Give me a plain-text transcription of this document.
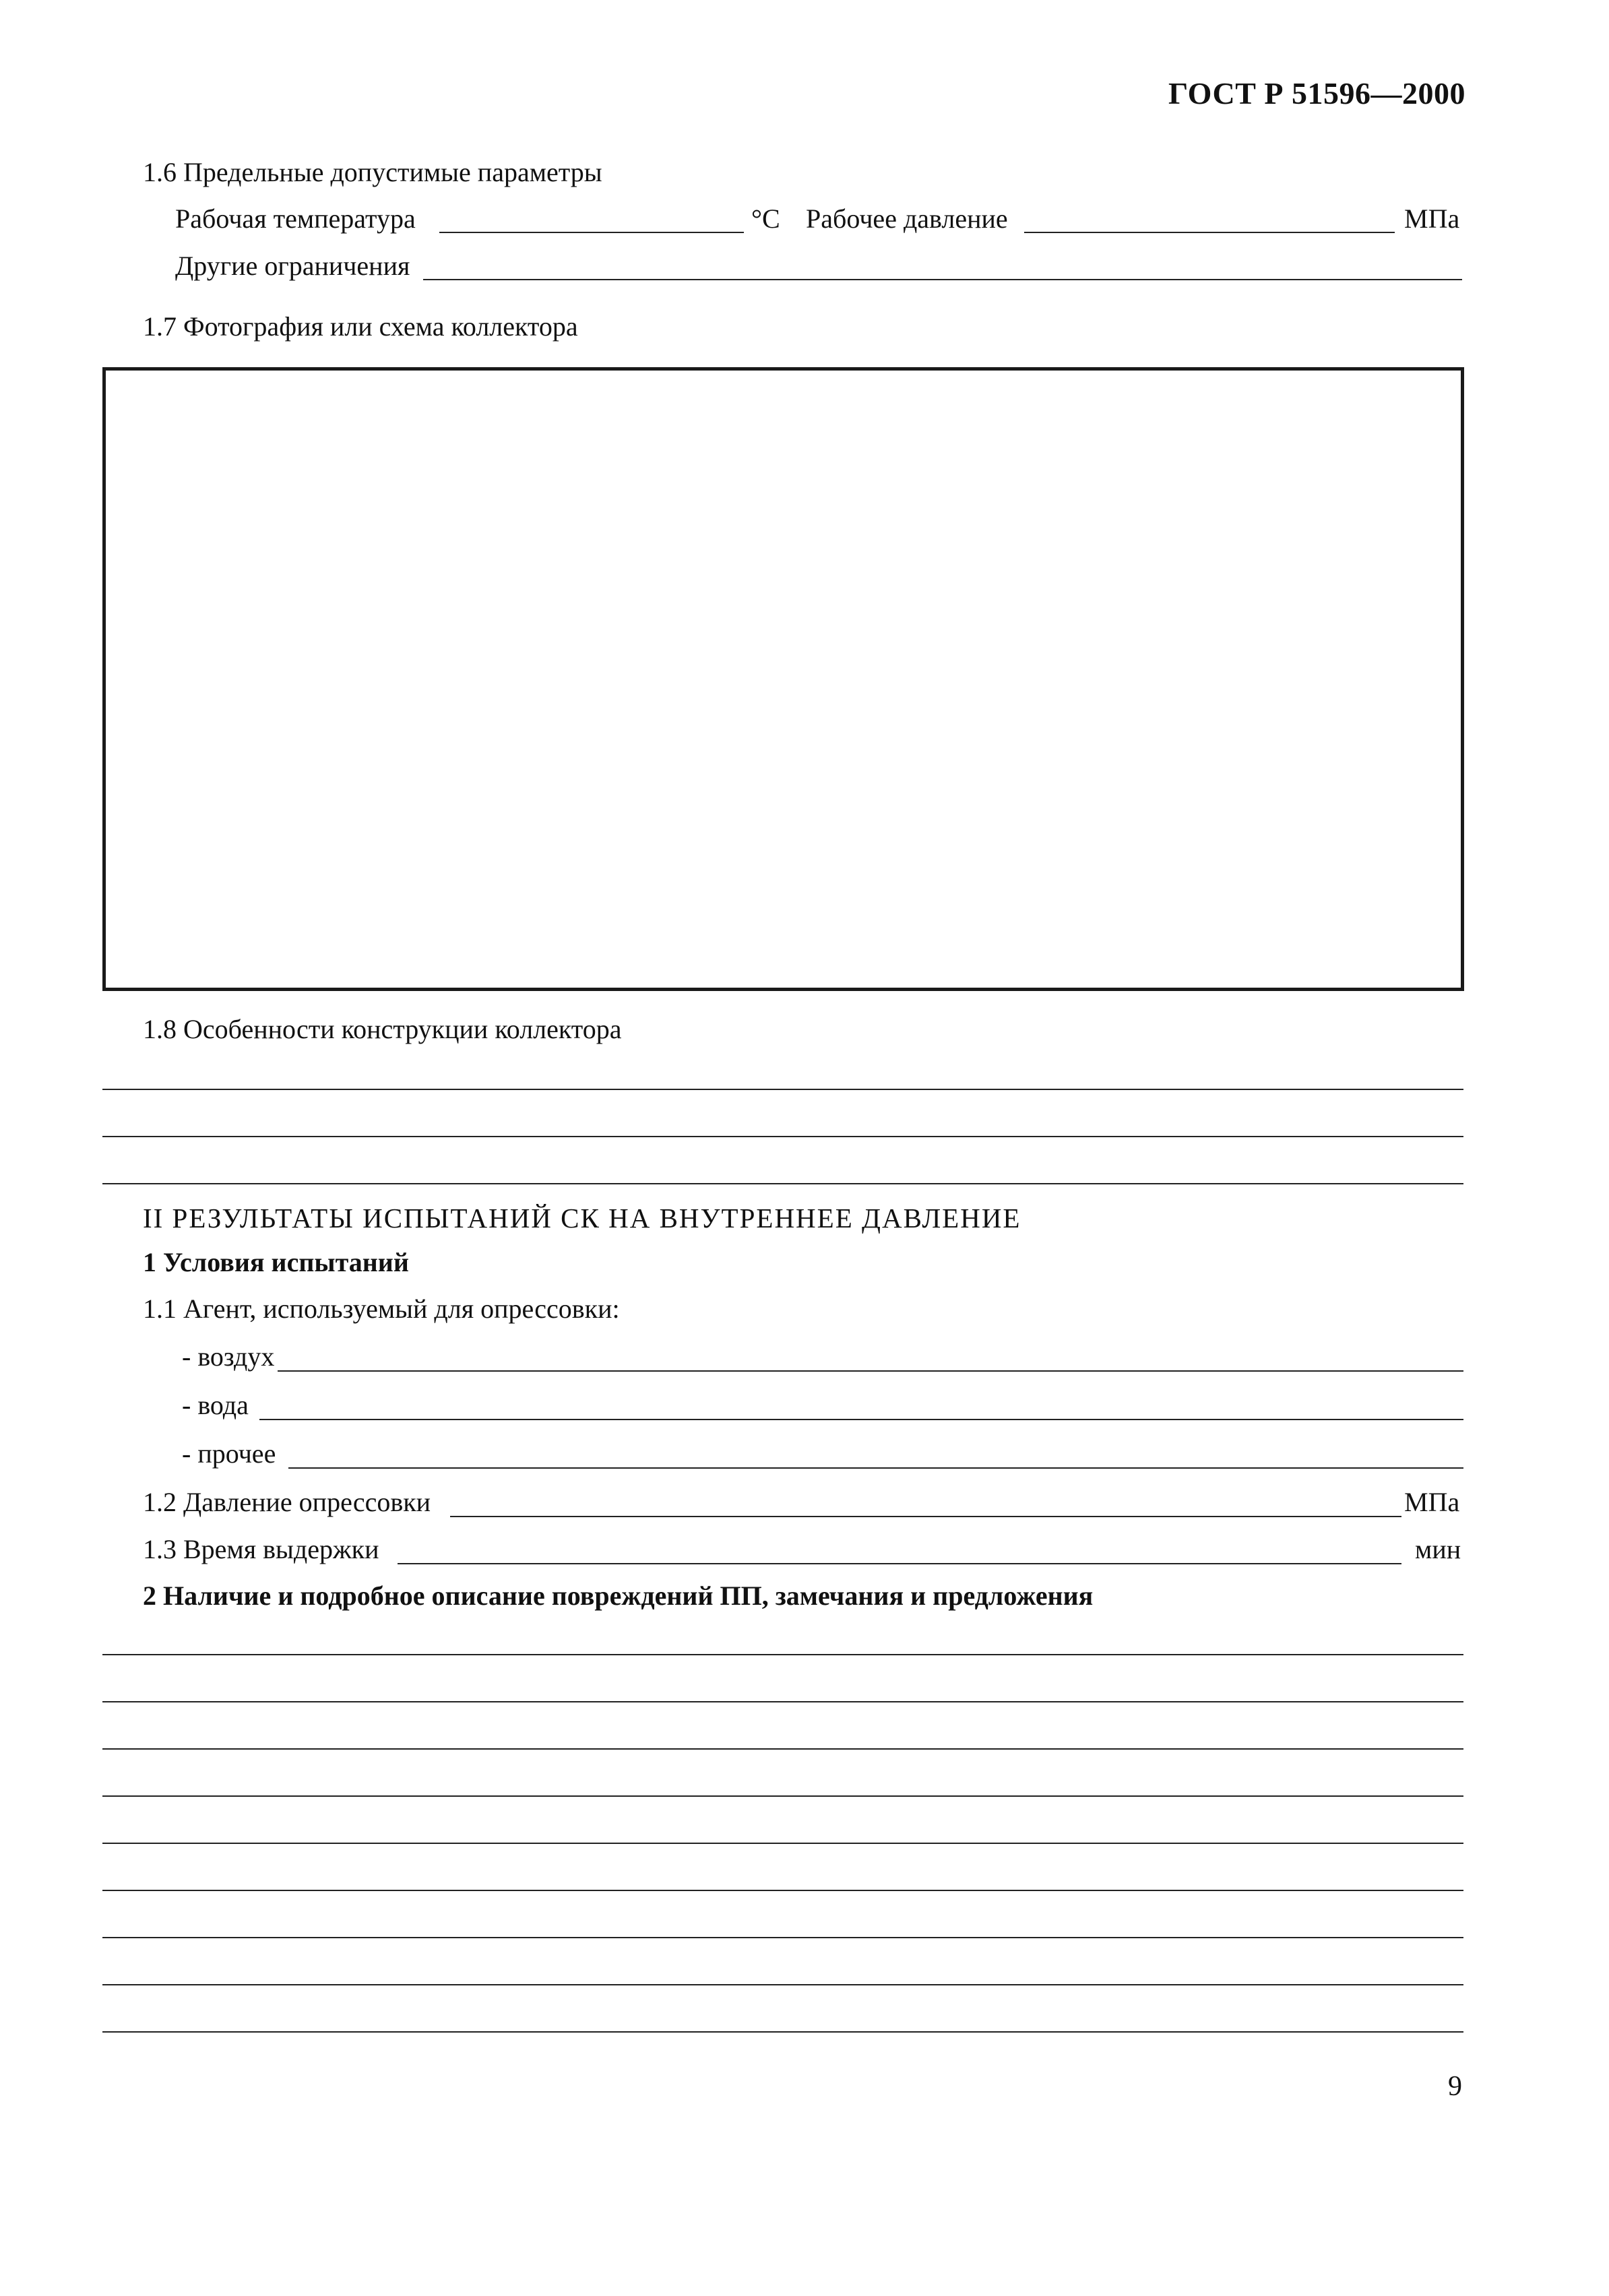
ГОСТ Р 51596—2000
1.6 Предельные допустимые параметры
Рабочая температура	°С Рабочее давление	МПа
Другие ограничения
1.7 Фотография или схема коллектора
1.8 Особенности конструкции коллектора
II РЕЗУЛЬТАТЫ ИСПЫТАНИЙ СК НА ВНУТРЕННЕЕ ДАВЛЕНИЕ
1 Условия испытаний
1.1 Агент, используемый для опрессовки:
- воздух
- вода
- прочее
1.2 Давление опрессовки	МПа
1.3 Время выдержки	мин
2 Наличие и подробное описание повреждений ПП, замечания и предложения
9
